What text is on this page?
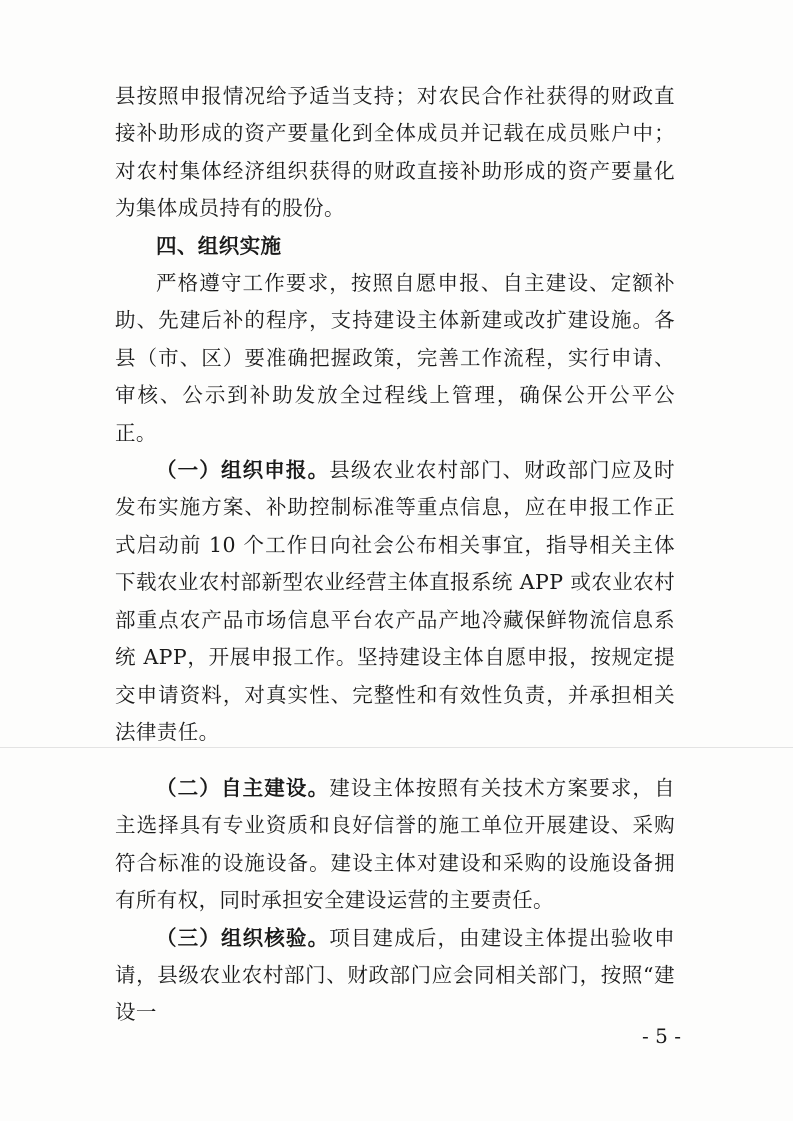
县按照申报情况给予适当支持；对农民合作社获得的财政直接补助形成的资产要量化到全体成员并记载在成员账户中；对农村集体经济组织获得的财政直接补助形成的资产要量化为集体成员持有的股份。

四、组织实施

严格遵守工作要求，按照自愿申报、自主建设、定额补助、先建后补的程序，支持建设主体新建或改扩建设施。各县（市、区）要准确把握政策，完善工作流程，实行申请、审核、公示到补助发放全过程线上管理，确保公开公平公正。

（一）组织申报。县级农业农村部门、财政部门应及时发布实施方案、补助控制标准等重点信息，应在申报工作正式启动前 10 个工作日向社会公布相关事宜，指导相关主体下载农业农村部新型农业经营主体直报系统 APP 或农业农村部重点农产品市场信息平台农产品产地冷藏保鲜物流信息系统 APP，开展申报工作。坚持建设主体自愿申报，按规定提交申请资料，对真实性、完整性和有效性负责，并承担相关法律责任。

（二）自主建设。建设主体按照有关技术方案要求，自主选择具有专业资质和良好信誉的施工单位开展建设、采购符合标准的设施设备。建设主体对建设和采购的设施设备拥有所有权，同时承担安全建设运营的主要责任。

（三）组织核验。项目建成后，由建设主体提出验收申请，县级农业农村部门、财政部门应会同相关部门，按照“建设一

- 5 -
